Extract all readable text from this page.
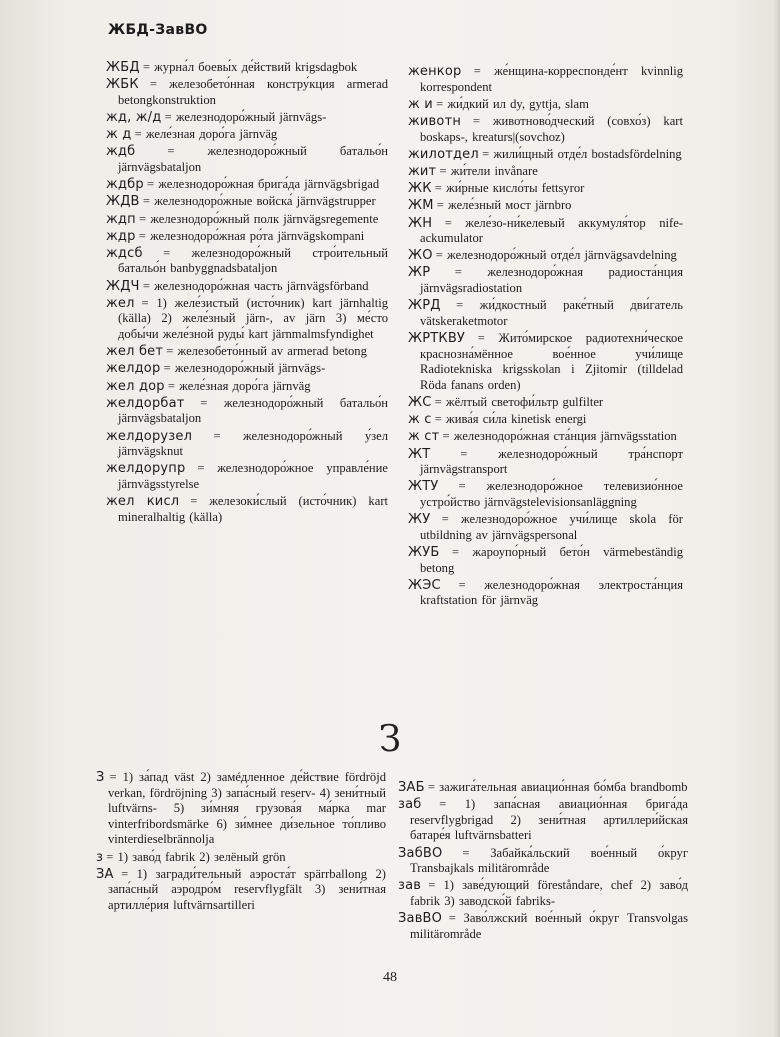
ЖБД-ЗавВО

ЖБД = журна́л боевы́х де́йствий krigsdagbok

ЖБК = железобето́нная констру́кция armerad betongkonstruktion

жд, ж/д = железнодоро́жный järnvägs-

ж д = желе́зная доро́га järnväg

ждб	= железнодоро́жный батальо́н järnvägsbataljon

ждбр = железнодоро́жная брига́да järnvägsbrigad

ЖДВ = железнодоро́жные войска́ järnvägstrupper

ждп = железнодоро́жный полк järnvägsregemente

ждр = железнодоро́жная ро́та järnvägskompani

ждсб = железнодоро́жный стро́ительный батальо́н banbyggnadsbataljon

ЖДЧ = железнодоро́жная часть järnvägsförband

жел = 1) желе́зистый (исто́чник) kart järnhaltig (källa) 2) желе́зный järn-, av järn 3) ме́сто добы́чи желе́зной руды́ kart järnmalmsfyndighet

жел бет = железобето́нный av armerad betong

желдор = железнодоро́жный järnvägs-

жел дор = желе́зная доро́га järnväg

желдорбат = железнодоро́жный батальо́н järnvägsbataljon

желдорузел = железнодоро́жный у́зел järnvägsknut

желдорупр = железнодоро́жное управле́ние järnvägsstyrelse

жел кисл = железоки́слый (исто́чник) kart mineralhaltig (källa)

женкор = же́нщина-корреспонде́нт kvinnlig korrespondent

ж и = жи́дкий ил dy, gyttja, slam

животн = животново́дческий (совхо́з) kart boskaps-, kreaturs|(sovchoz)

жилотдел = жили́щный отде́л bostadsfördelning

жит = жи́тели invånare

ЖК = жи́рные кисло́ты fettsyror

ЖМ = желе́зный мост järnbro

ЖН = желе́зо-ни́келевый аккумуля́тор nife-ackumulator

ЖО = железнодоро́жный отде́л järnvägsavdelning

ЖР = железнодоро́жная радиоста́нция järnvägsradiostation

ЖРД = жи́дкостный раке́тный дви́гатель vätskeraketmotor

ЖРТКВУ = Жито́мирское радиотехни́ческое краснозна́мённое вое́нное учи́лище Radiotekniska krigsskolan i Zjitomir (tilldelad Röda fanans orden)

ЖС = жёлтый светофи́льтр gulfilter

ж с = жива́я си́ла kinetisk energi

ж ст = железнодоро́жная ста́нция järnvägsstation

ЖТ = железнодоро́жный тра́нспорт järnvägstransport

ЖТУ = железнодоро́жное телевизио́нное устро́йство järnvägstelevisionsanläggning

ЖУ = железнодоро́жное учи́лище skola för utbildning av järnvägspersonal

ЖУБ = жароупо́рный бето́н värmebeständig betong

ЖЭС = железнодоро́жная электроста́нция kraftstation för järnväg

З

З = 1) за́пад väst 2) замéдленное де́йствие fördröjd verkan, fördröjning 3) запа́сный reserv- 4) зени́тный luftvärns- 5) зи́мняя грузова́я ма́рка mar vinterfribordsmärke 6) зи́мнее ди́зельное то́пливо vinterdieselbrännolja

з = 1) заво́д fabrik 2) зелёный grön

ЗА = 1) загради́тельный аэроста́т spärrballong 2) запа́сный аэродро́м reservflygfält 3) зени́тная артилле́рия luftvärnsartilleri

ЗАБ = зажига́тельная авиацио́нная бо́мба brandbomb

заб = 1) запа́сная авиацио́нная брига́да reservflygbrigad 2) зени́тная артиллери́йская батаре́я luftvärnsbatteri

ЗабВО = Забайка́льский вое́нный о́круг Transbajkals militärområde

зав = 1) заве́дующий föreståndare, chef 2) заво́д fabrik 3) заводско́й fabriks-

ЗавВО = Заво́лжский вое́нный о́круг Transvolgas militärområde

48
